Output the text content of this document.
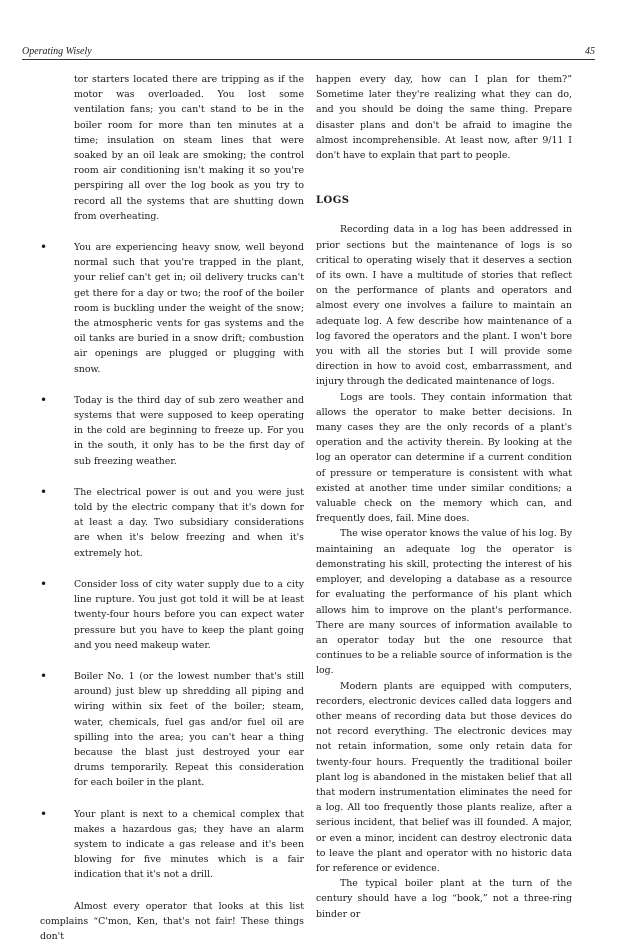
Operating Wisely	45

tor starters located there are tripping as if the motor was overloaded. You lost some ventilation fans; you can't stand to be in the boiler room for more than ten minutes at a time; insulation on steam lines that were soaked by an oil leak are smoking; the control room air conditioning isn't making it so you're perspiring all over the log book as you try to record all the systems that are shutting down from overheating.

•	You are experiencing heavy snow, well beyond normal such that you're trapped in the plant, your relief can't get in; oil delivery trucks can't get there for a day or two; the roof of the boiler room is buckling under the weight of the snow; the atmospheric vents for gas systems and the oil tanks are buried in a snow drift; combustion air openings are plugged or plugging with snow.
•	Today is the third day of sub zero weather and systems that were supposed to keep operating in the cold are beginning to freeze up. For you in the south, it only has to be the first day of sub freezing weather.
•	The electrical power is out and you were just told by the electric company that it's down for at least a day. Two subsidiary considerations are when it's below freezing and when it's extremely hot.
•	Consider loss of city water supply due to a city line rupture. You just got told it will be at least twenty-four hours before you can expect water pressure but you have to keep the plant going and you need makeup water.
•	Boiler No. 1 (or the lowest number that's still around) just blew up shredding all piping and wiring within six feet of the boiler; steam, water, chemicals, fuel gas and/or fuel oil are spilling into the area; you can't hear a thing because the blast just destroyed your ear drums temporarily. Repeat this consideration for each boiler in the plant.
•	Your plant is next to a chemical complex that makes a hazardous gas; they have an alarm system to indicate a gas release and it's been blowing for five minutes which is a fair indication that it's not a drill.

Almost every operator that looks at this list complains “C'mon, Ken, that's not fair! These things don't

happen every day, how can I plan for them?” Sometime later they're realizing what they can do, and you should be doing the same thing. Prepare disaster plans and don't be afraid to imagine the almost incomprehensible. At least now, after 9/11 I don't have to explain that part to people.

LOGS

Recording data in a log has been addressed in prior sections but the maintenance of logs is so critical to operating wisely that it deserves a section of its own. I have a multitude of stories that reflect on the performance of plants and operators and almost every one involves a failure to maintain an adequate log. A few describe how maintenance of a log favored the operators and the plant. I won't bore you with all the stories but I will provide some direction in how to avoid cost, embarrassment, and injury through the dedicated maintenance of logs.

Logs are tools. They contain information that allows the operator to make better decisions. In many cases they are the only records of a plant's operation and the activity therein. By looking at the log an operator can determine if a current condition of pressure or temperature is consistent with what existed at another time under similar conditions; a valuable check on the memory which can, and frequently does, fail. Mine does.

The wise operator knows the value of his log. By maintaining an adequate log the operator is demonstrating his skill, protecting the interest of his employer, and developing a database as a resource for evaluating the performance of his plant which allows him to improve on the plant's performance. There are many sources of information available to an operator today but the one resource that continues to be a reliable source of information is the log.

Modern plants are equipped with computers, recorders, electronic devices called data loggers and other means of recording data but those devices do not record everything. The electronic devices may not retain information, some only retain data for twenty-four hours. Frequently the traditional boiler plant log is abandoned in the mistaken belief that all that modern instrumentation eliminates the need for a log. All too frequently those plants realize, after a serious incident, that belief was ill founded. A major, or even a minor, incident can destroy electronic data to leave the plant and operator with no historic data for reference or evidence.

The typical boiler plant at the turn of the century should have a log “book,” not a three-ring binder or
